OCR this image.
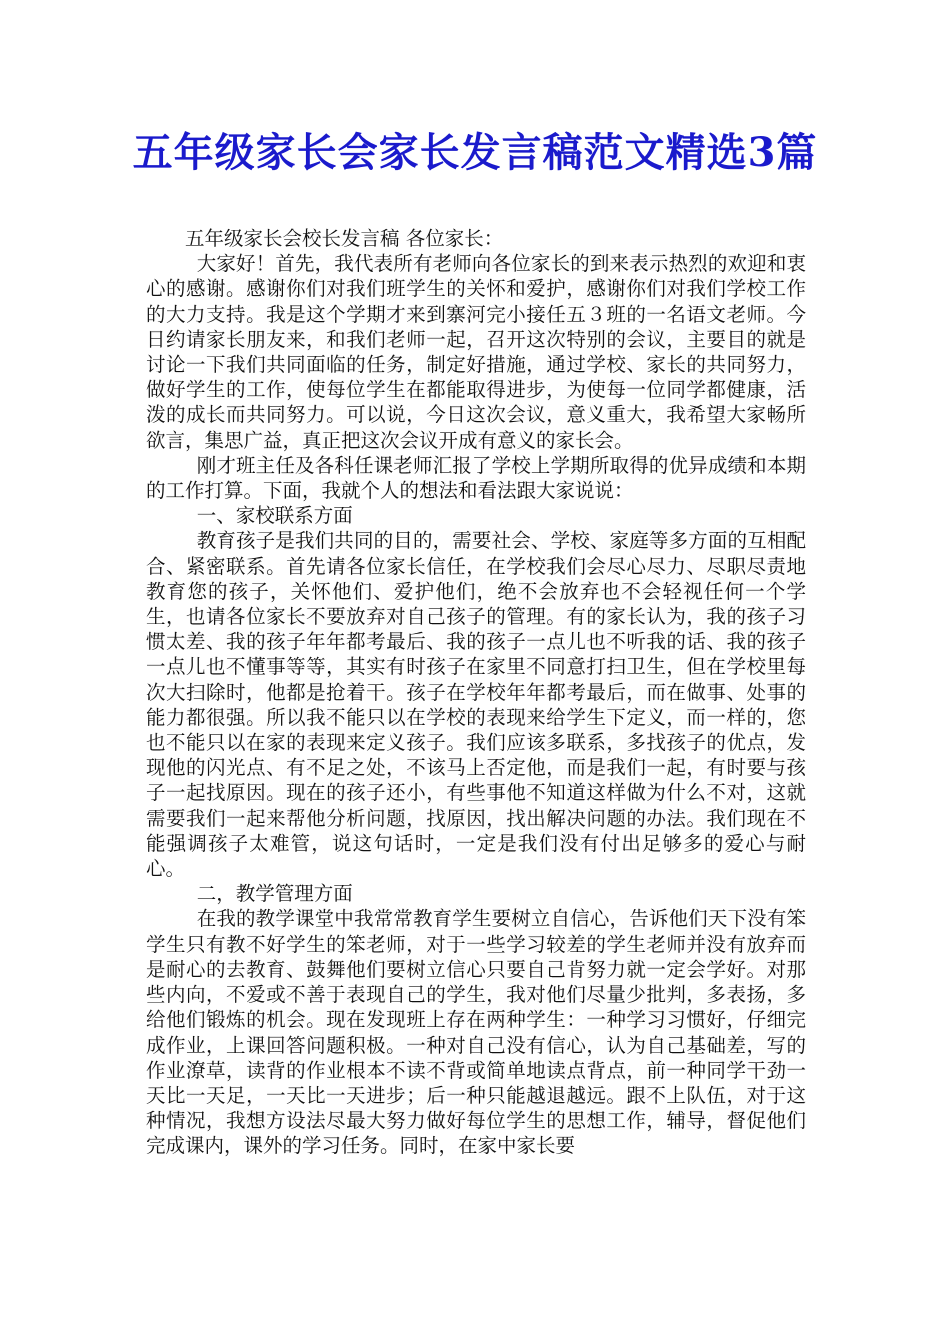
五年级家长会家长发言稿范文精选3篇

五年级家长会校长发言稿 各位家长：

大家好！首先，我代表所有老师向各位家长的到来表示热烈的欢迎和衷心的感谢。感谢你们对我们班学生的关怀和爱护，感谢你们对我们学校工作的大力支持。我是这个学期才来到寨河完小接任五３班的一名语文老师。今日约请家长朋友来，和我们老师一起，召开这次特别的会议，主要目的就是讨论一下我们共同面临的任务，制定好措施，通过学校、家长的共同努力，做好学生的工作，使每位学生在都能取得进步，为使每一位同学都健康，活泼的成长而共同努力。可以说，今日这次会议，意义重大，我希望大家畅所欲言，集思广益，真正把这次会议开成有意义的家长会。

刚才班主任及各科任课老师汇报了学校上学期所取得的优异成绩和本期的工作打算。下面，我就个人的想法和看法跟大家说说：

一、家校联系方面

教育孩子是我们共同的目的，需要社会、学校、家庭等多方面的互相配合、紧密联系。首先请各位家长信任，在学校我们会尽心尽力、尽职尽责地教育您的孩子，关怀他们、爱护他们，绝不会放弃也不会轻视任何一个学生，也请各位家长不要放弃对自己孩子的管理。有的家长认为，我的孩子习惯太差、我的孩子年年都考最后、我的孩子一点儿也不听我的话、我的孩子一点儿也不懂事等等，其实有时孩子在家里不同意打扫卫生，但在学校里每次大扫除时，他都是抢着干。孩子在学校年年都考最后，而在做事、处事的能力都很强。所以我不能只以在学校的表现来给学生下定义，而一样的，您也不能只以在家的表现来定义孩子。我们应该多联系，多找孩子的优点，发现他的闪光点、有不足之处，不该马上否定他，而是我们一起，有时要与孩子一起找原因。现在的孩子还小，有些事他不知道这样做为什么不对，这就需要我们一起来帮他分析问题，找原因，找出解决问题的办法。我们现在不能强调孩子太难管，说这句话时，一定是我们没有付出足够多的爱心与耐心。

二，教学管理方面

在我的教学课堂中我常常教育学生要树立自信心，告诉他们天下没有笨学生只有教不好学生的笨老师，对于一些学习较差的学生老师并没有放弃而是耐心的去教育、鼓舞他们要树立信心只要自己肯努力就一定会学好。对那些内向，不爱或不善于表现自己的学生，我对他们尽量少批判，多表扬，多给他们锻炼的机会。现在发现班上存在两种学生：一种学习习惯好，仔细完成作业，上课回答问题积极。一种对自己没有信心，认为自己基础差，写的作业潦草，读背的作业根本不读不背或简单地读点背点，前一种同学干劲一天比一天足，一天比一天进步；后一种只能越退越远。跟不上队伍，对于这种情况，我想方设法尽最大努力做好每位学生的思想工作，辅导，督促他们完成课内，课外的学习任务。同时，在家中家长要
